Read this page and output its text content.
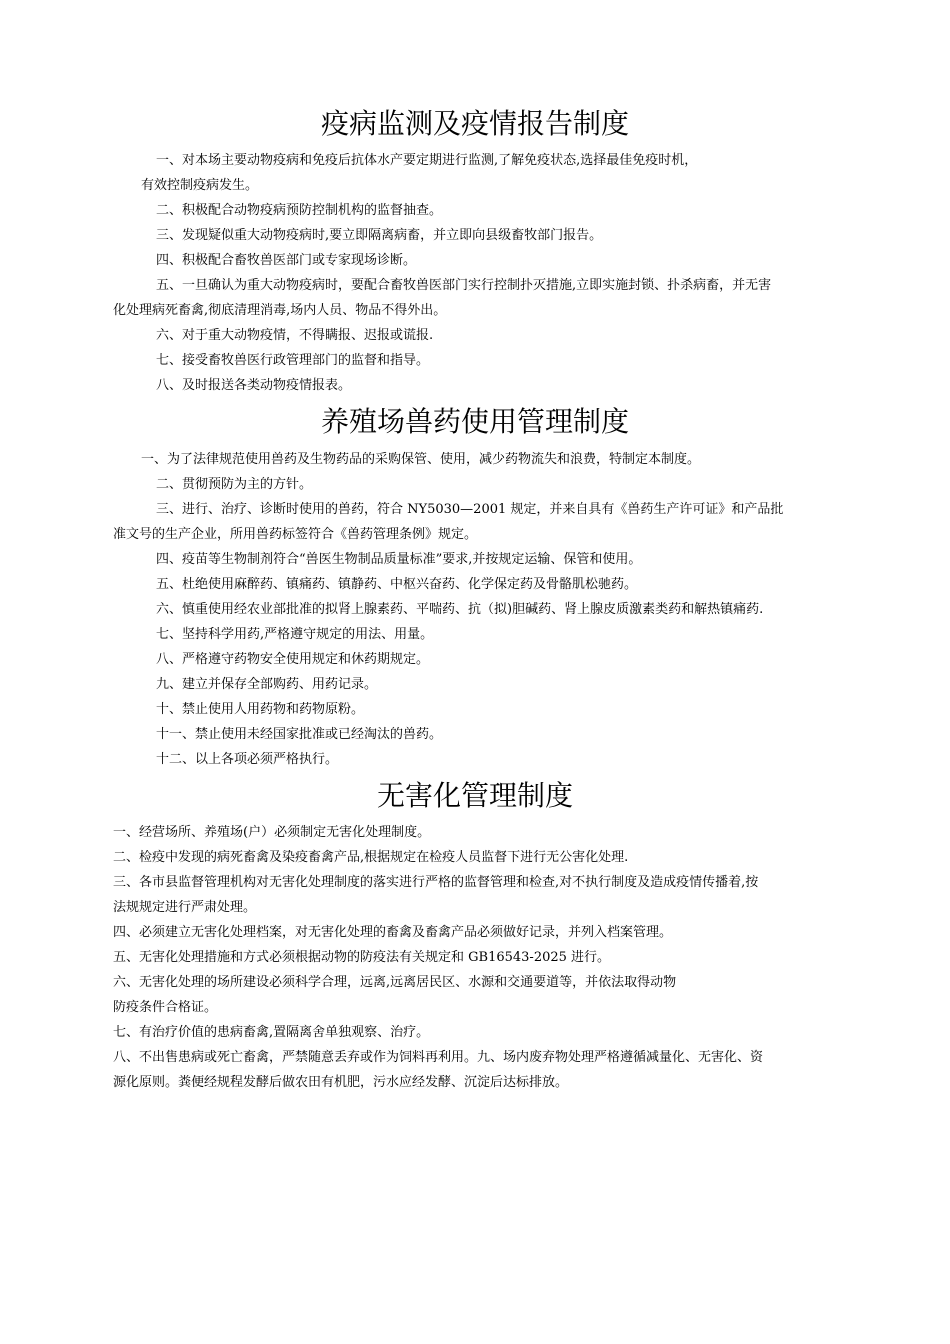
疫病监测及疫情报告制度

一、对本场主要动物疫病和免疫后抗体水产要定期进行监测,了解免疫状态,选择最佳免疫时机，

有效控制疫病发生。

二、积极配合动物疫病预防控制机构的监督抽查。

三、发现疑似重大动物疫病时,要立即隔离病畜，并立即向县级畜牧部门报告。

四、积极配合畜牧兽医部门或专家现场诊断。

五、一旦确认为重大动物疫病时，要配合畜牧兽医部门实行控制扑灭措施,立即实施封锁、扑杀病畜，并无害

化处理病死畜禽,彻底清理消毒,场内人员、物品不得外出。

六、对于重大动物疫情，不得瞒报、迟报或谎报.

七、接受畜牧兽医行政管理部门的监督和指导。

八、及时报送各类动物疫情报表。

养殖场兽药使用管理制度

一、为了法律规范使用兽药及生物药品的采购保管、使用，减少药物流失和浪费，特制定本制度。

二、贯彻预防为主的方针。

三、进行、治疗、诊断时使用的兽药，符合 NY5030—2001 规定，并来自具有《兽药生产许可证》和产品批

准文号的生产企业，所用兽药标签符合《兽药管理条例》规定。

四、疫苗等生物制剂符合“兽医生物制品质量标准”要求,并按规定运输、保管和使用。

五、杜绝使用麻醉药、镇痛药、镇静药、中枢兴奋药、化学保定药及骨骼肌松驰药。

六、慎重使用经农业部批准的拟肾上腺素药、平喘药、抗（拟)胆碱药、肾上腺皮质激素类药和解热镇痛药.

七、坚持科学用药,严格遵守规定的用法、用量。

八、严格遵守药物安全使用规定和休药期规定。

九、建立并保存全部购药、用药记录。

十、禁止使用人用药物和药物原粉。

十一、禁止使用未经国家批准或已经淘汰的兽药。

十二、以上各项必须严格执行。

无害化管理制度

一、经营场所、养殖场(户）必须制定无害化处理制度。

二、检疫中发现的病死畜禽及染疫畜禽产品,根据规定在检疫人员监督下进行无公害化处理.

三、各市县监督管理机构对无害化处理制度的落实进行严格的监督管理和检查,对不执行制度及造成疫情传播着,按

法规规定进行严肃处理。

四、必须建立无害化处理档案，对无害化处理的畜禽及畜禽产品必须做好记录，并列入档案管理。

五、无害化处理措施和方式必须根据动物的防疫法有关规定和 GB16543-2025 进行。

六、无害化处理的场所建设必须科学合理，远离,远离居民区、水源和交通要道等，并依法取得动物

防疫条件合格证。

七、有治疗价值的患病畜禽,置隔离舍单独观察、治疗。

八、不出售患病或死亡畜禽，严禁随意丢弃或作为饲料再利用。九、场内废弃物处理严格遵循减量化、无害化、资

源化原则。粪便经规程发酵后做农田有机肥，污水应经发酵、沉淀后达标排放。
